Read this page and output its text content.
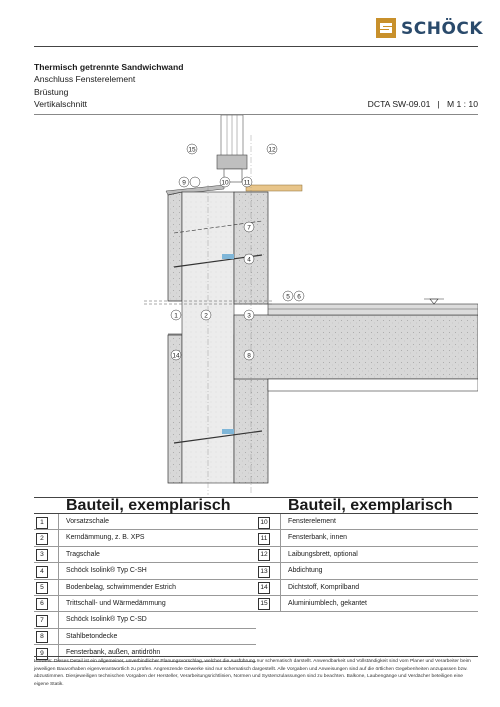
SCHÖCK
Thermisch getrennte Sandwichwand
Anschluss Fensterelement
Brüstung
Vertikalschnitt	DCTA SW-09.01   |   M 1 : 10
15	12
9	10 11
7
4
5 6
1	2	3
14	8
Bauteil, exemplarisch
1	Vorsatzschale
2	Kerndämmung, z. B. XPS
3	Tragschale
4	Schöck Isolink® Typ C-SH
5	Bodenbelag, schwimmender Estrich
6	Trittschall- und Wärmedämmung
7	Schöck Isolink® Typ C-SD
8	Stahlbetondecke
9	Fensterbank, außen, antidröhn
Bauteil, exemplarisch
10	Fensterelement
11	Fensterbank, innen
12	Laibungsbrett, optional
13	Abdichtung
14	Dichtstoff, Komprilband
15	Aluminiumblech, gekantet
Hinweis: Dieses Detail ist ein allgemeiner, unverbindlicher Planungsvorschlag, welcher die Ausführung nur schematisch darstellt. Anwendbarkeit und Vollständigkeit sind vom Planer und Verarbeiter beim jeweiligen Bauvorhaben eigenverantwortlich zu prüfen. Angrenzende Gewerke sind nur schematisch dargestellt. Alle Vorgaben und Anweisungen sind auf die örtlichen Gegebenheiten anzupassen bzw. abzustimmen. Diesjeweiligen technischen Vorgaben der Hersteller, Verarbeitungsrichtlinien, Normen und Systemzulassungen sind zu beachten. Balkone, Laubengänge und Verdächer beteiligen eine eigene Statik.
